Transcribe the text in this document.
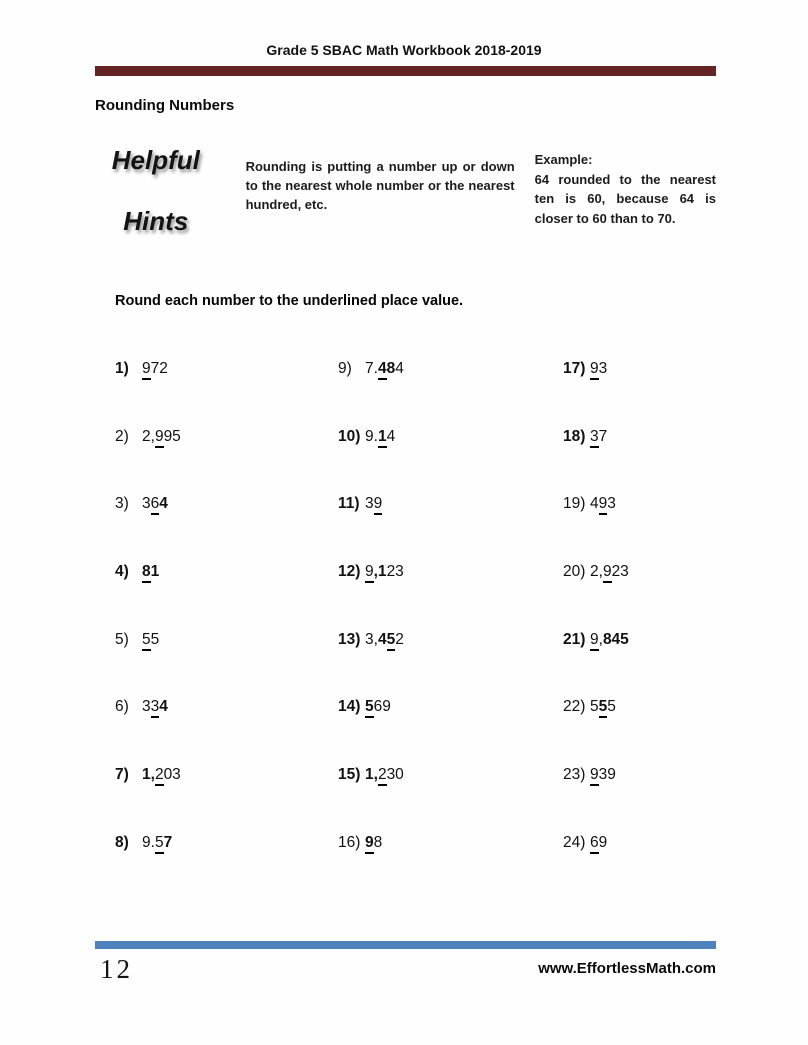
Grade 5 SBAC Math Workbook 2018-2019
Rounding Numbers
Helpful
Hints
Rounding is putting a number up or down to the nearest whole number or the nearest hundred, etc.
Example:
64 rounded to the nearest ten is 60, because 64 is closer to 60 than to 70.
Round each number to the underlined place value.
1) 972
2) 2,995
3) 364
4) 81
5) 55
6) 334
7) 1,203
8) 9.57
9) 7.484
10) 9.14
11) 39
12) 9,123
13) 3,452
14) 569
15) 1,230
16) 98
17) 93
18) 37
19) 493
20) 2,923
21) 9,845
22) 555
23) 939
24) 69
12	www.EffortlessMath.com
